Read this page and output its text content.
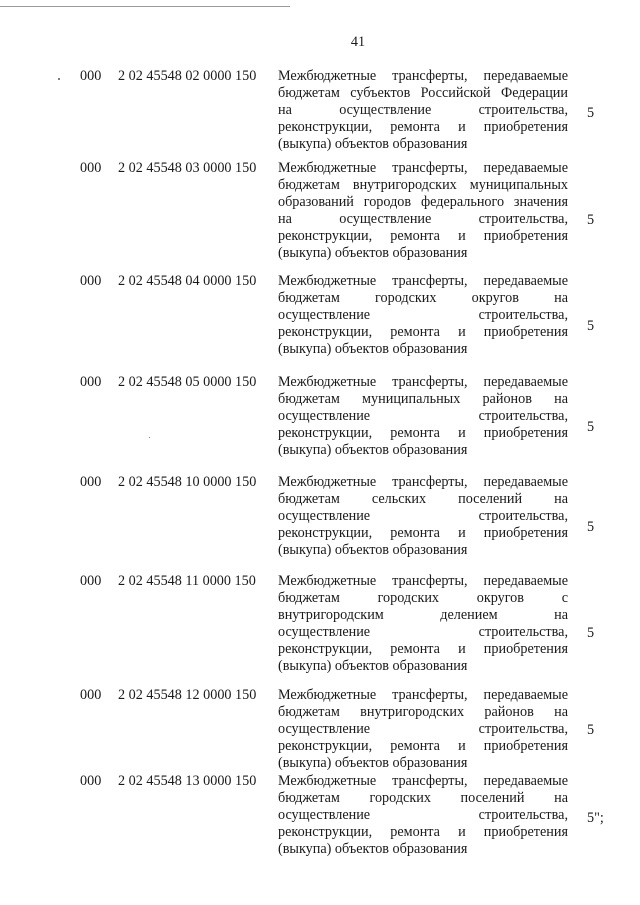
41
000 2 02 45548 02 0000 150 Межбюджетные трансферты, передаваемые
бюджетам субъектов Российской Федерации
на осуществление строительства,
реконструкции, ремонта и приобретения
(выкупа) объектов образования
5
000 2 02 45548 03 0000 150 Межбюджетные трансферты, передаваемые
бюджетам внутригородских муниципальных
образований городов федерального значения
на осуществление строительства,
реконструкции, ремонта и приобретения
(выкупа) объектов образования
5
000 2 02 45548 04 0000 150 Межбюджетные трансферты, передаваемые
бюджетам городских округов на
осуществление строительства,
реконструкции, ремонта и приобретения
(выкупа) объектов образования
5
000 2 02 45548 05 0000 150 Межбюджетные трансферты, передаваемые
бюджетам муниципальных районов на
осуществление строительства,
реконструкции, ремонта и приобретения
(выкупа) объектов образования
5
000 2 02 45548 10 0000 150 Межбюджетные трансферты, передаваемые
бюджетам сельских поселений на
осуществление строительства,
реконструкции, ремонта и приобретения
(выкупа) объектов образования
5
000 2 02 45548 11 0000 150 Межбюджетные трансферты, передаваемые
бюджетам городских округов с
внутригородским делением на
осуществление строительства,
реконструкции, ремонта и приобретения
(выкупа) объектов образования
5
000 2 02 45548 12 0000 150 Межбюджетные трансферты, передаваемые
бюджетам внутригородских районов на
осуществление строительства,
реконструкции, ремонта и приобретения
(выкупа) объектов образования
5
000 2 02 45548 13 0000 150 Межбюджетные трансферты, передаваемые
бюджетам городских поселений на
осуществление строительства,
реконструкции, ремонта и приобретения
(выкупа) объектов образования
5";
